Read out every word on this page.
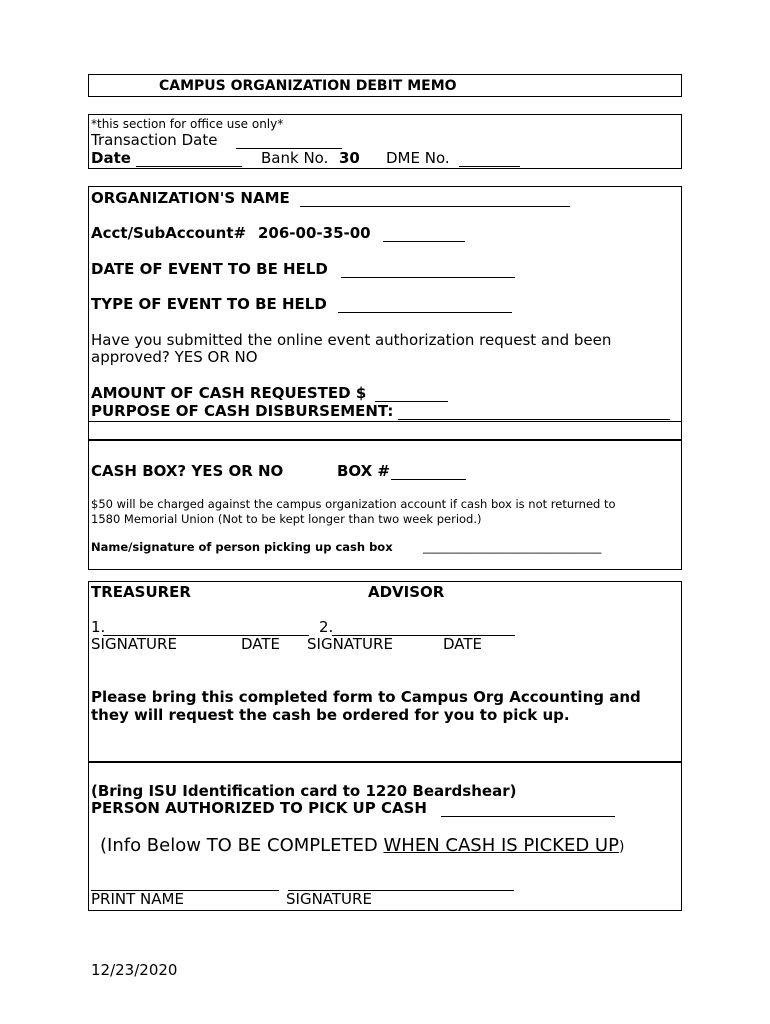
CAMPUS ORGANIZATION DEBIT MEMO
*this section for office use only*
Transaction Date
Date	Bank No. 30 DME No.
ORGANIZATION'S NAME
Acct/SubAccount# 206-00-35-00
DATE OF EVENT TO BE HELD
TYPE OF EVENT TO BE HELD
Have you submitted the online event authorization request and been
approved? YES OR NO
AMOUNT OF CASH REQUESTED $
PURPOSE OF CASH DISBURSEMENT:
CASH BOX? YES OR NO	BOX #
$50 will be charged against the campus organization account if cash box is not returned to
1580 Memorial Union (Not to be kept longer than two week period.)
Name/signature of person picking up cash box	_______________________________
TREASURER	ADVISOR
1.	2.
SIGNATURE	DATE SIGNATURE	DATE
Please bring this completed form to Campus Org Accounting and
they will request the cash be ordered for you to pick up.
(Bring ISU Identification card to 1220 Beardshear)
PERSON AUTHORIZED TO PICK UP CASH
(Info Below TO BE COMPLETED WHEN CASH IS PICKED UP)
PRINT NAME	SIGNATURE
12/23/2020
